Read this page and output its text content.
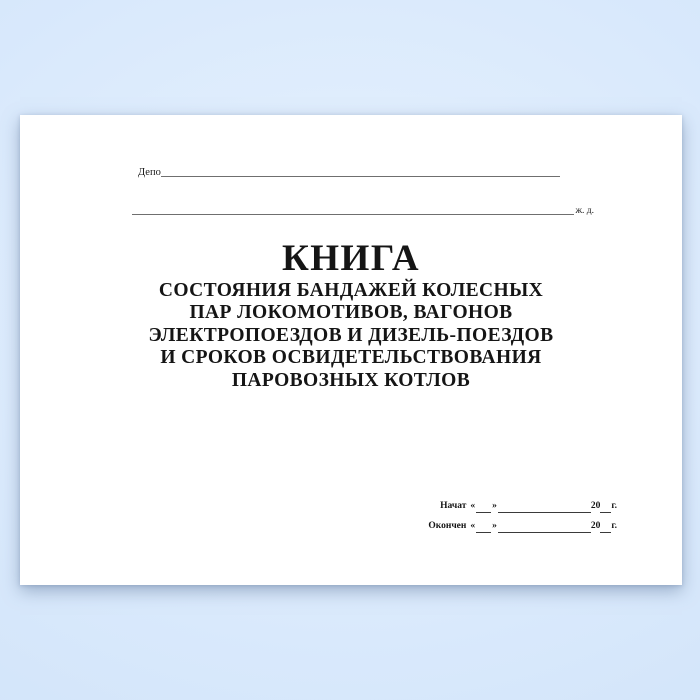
Депо
ж. д.
КНИГА
СОСТОЯНИЯ БАНДАЖЕЙ КОЛЕСНЫХ
ПАР ЛОКОМОТИВОВ, ВАГОНОВ
ЭЛЕКТРОПОЕЗДОВ И ДИЗЕЛЬ-ПОЕЗДОВ
И СРОКОВ ОСВИДЕТЕЛЬСТВОВАНИЯ
ПАРОВОЗНЫХ КОТЛОВ
Начат « »	20 г.
Окончен « »	20 г.
